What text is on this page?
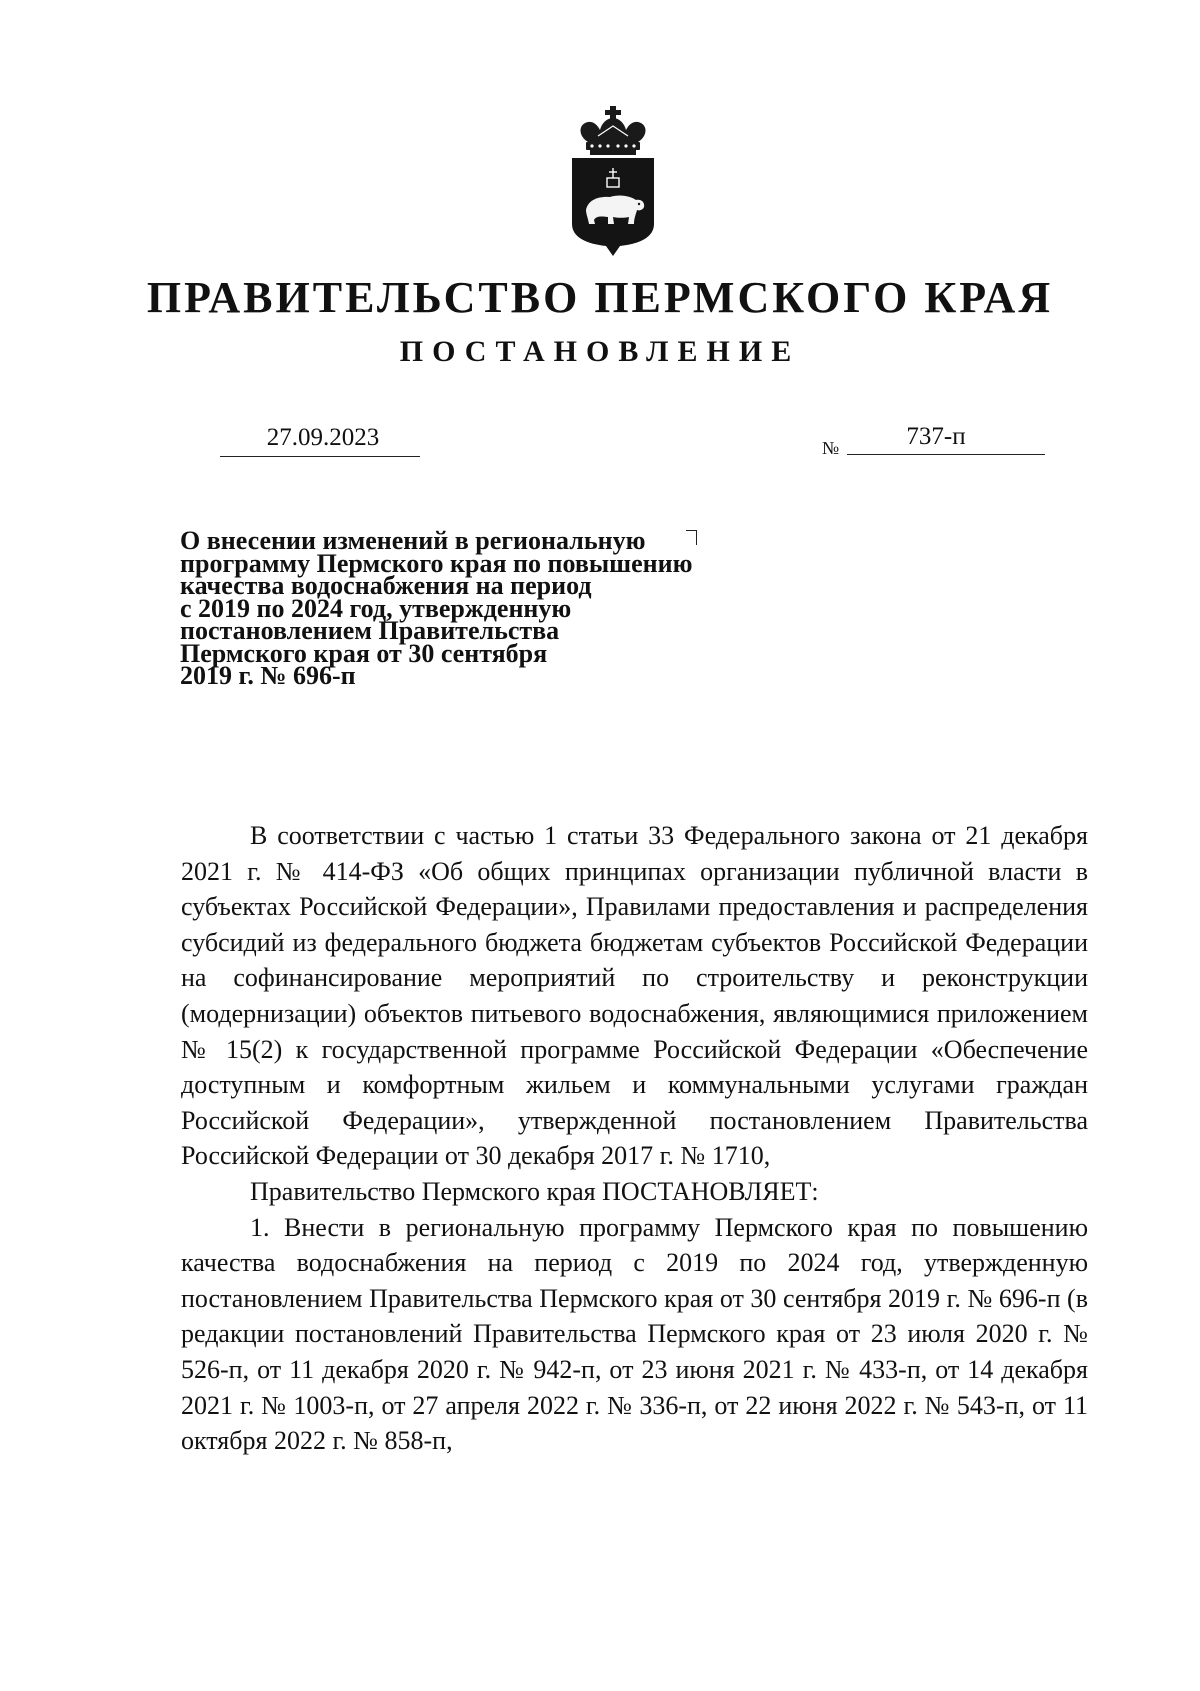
ПРАВИТЕЛЬСТВО ПЕРМСКОГО КРАЯ
ПОСТАНОВЛЕНИЕ
27.09.2023	№	737-п
О внесении изменений в региональную
программу Пермского края по повышению
качества водоснабжения на период
с 2019 по 2024 год, утвержденную
постановлением Правительства
Пермского края от 30 сентября
2019 г. № 696-п

В соответствии с частью 1 статьи 33 Федерального закона от 21 декабря 2021 г. № 414-ФЗ «Об общих принципах организации публичной власти в субъектах Российской Федерации», Правилами предоставления и распределения субсидий из федерального бюджета бюджетам субъектов Российской Федерации на софинансирование мероприятий по строительству и реконструкции (модернизации) объектов питьевого водоснабжения, являющимися приложением № 15(2) к государственной программе Российской Федерации «Обеспечение доступным и комфортным жильем и коммунальными услугами граждан Российской Федерации», утвержденной постановлением Правительства Российской Федерации от 30 декабря 2017 г. № 1710,

Правительство Пермского края ПОСТАНОВЛЯЕТ:

1. Внести в региональную программу Пермского края по повышению качества водоснабжения на период с 2019 по 2024 год, утвержденную постановлением Правительства Пермского края от 30 сентября 2019 г. № 696-п (в редакции постановлений Правительства Пермского края от 23 июля 2020 г. № 526-п, от 11 декабря 2020 г. № 942-п, от 23 июня 2021 г. № 433-п, от 14 декабря 2021 г. № 1003-п, от 27 апреля 2022 г. № 336-п, от 22 июня 2022 г. № 543-п, от 11 октября 2022 г. № 858-п,
